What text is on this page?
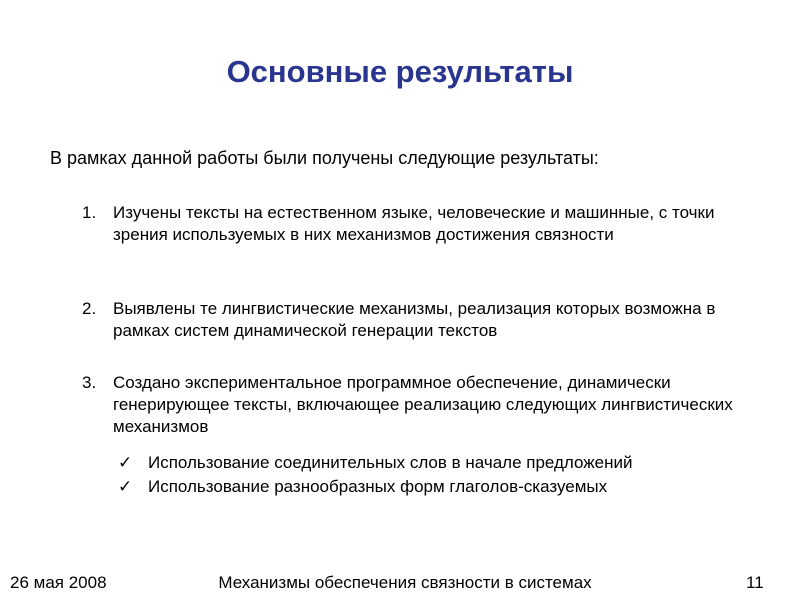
Основные результаты
В рамках данной работы были получены следующие результаты:
1. Изучены тексты на естественном языке, человеческие и машинные, с точки зрения используемых в них механизмов достижения связности
2. Выявлены те лингвистические механизмы, реализация которых возможна в рамках систем динамической генерации текстов
3. Создано экспериментальное программное обеспечение, динамически генерирующее тексты, включающее реализацию следующих лингвистических механизмов
✓ Использование соединительных слов в начале предложений
✓ Использование разнообразных форм глаголов-сказуемых
26 мая 2008	Механизмы обеспечения связности в системах	11
